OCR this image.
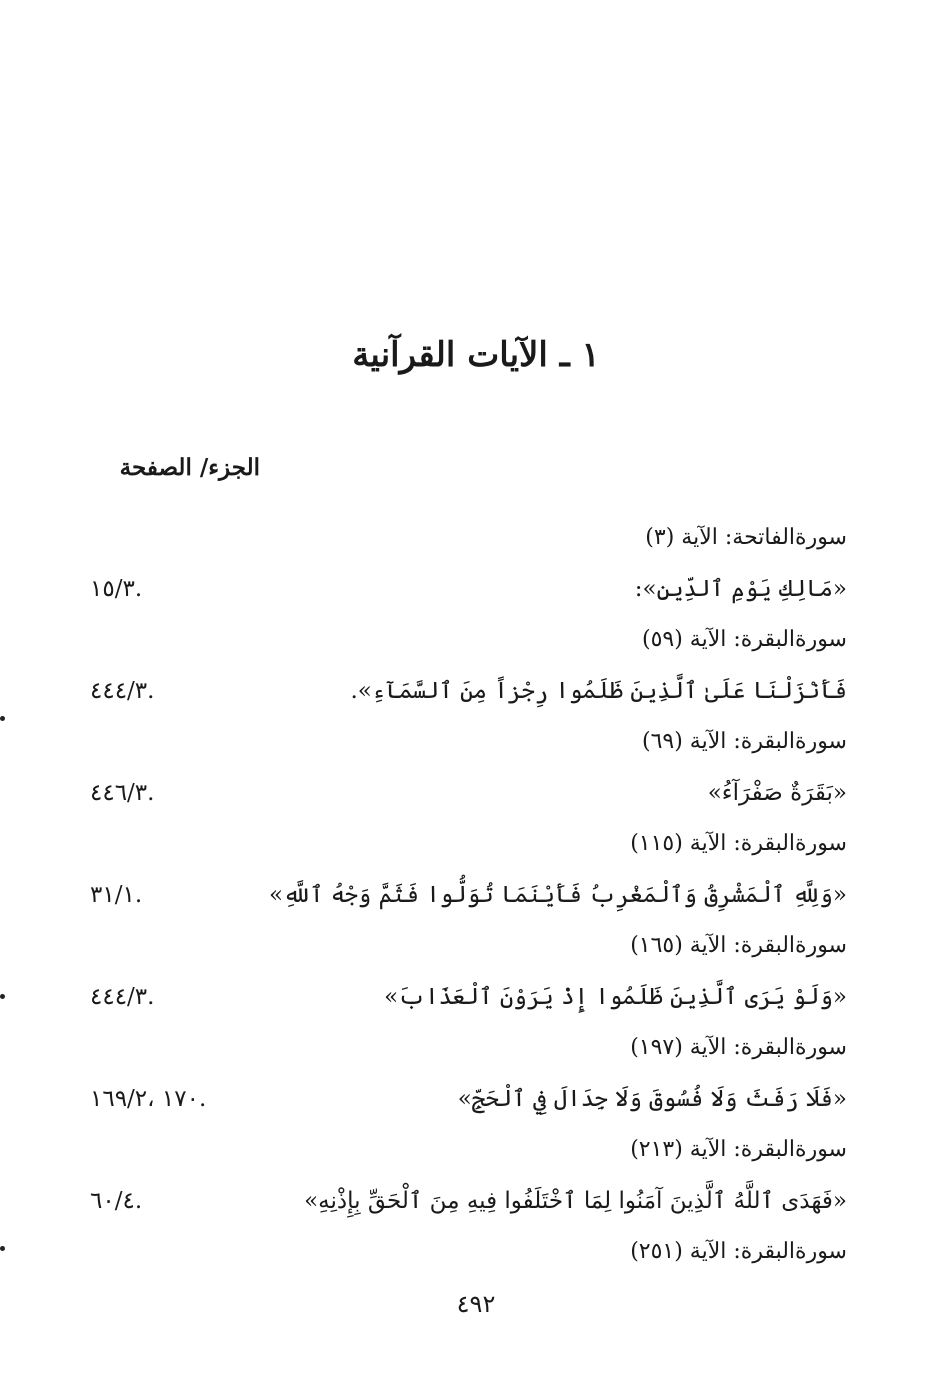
١ ـ الآيات القرآنية
الجزء/ الصفحة
سورةالفاتحة: الآية (٣)
«مَالِكِ يَوْمِ ٱلدِّينِ»:
.١٥/٣
سورةالبقرة: الآية (٥٩)
فَأَنْزَلْنَا عَلَىٰ ٱلَّذِينَ ظَلَمُوا رِجْزاً مِنَ ٱلسَّمَآءِ».
.٤٤٤/٣
سورةالبقرة: الآية (٦٩)
«بَقَرَةٌ صَفْرَآءُ»
.٤٤٦/٣
سورةالبقرة: الآية (١١٥)
«وَلِلَّهِ ٱلْمَشْرِقُ وَٱلْمَغْرِبُ فَأَيْنَمَا تُوَلُّوا فَثَمَّ وَجْهُ ٱللَّهِ»
.٣١/١
سورةالبقرة: الآية (١٦٥)
«وَلَوْ يَرَى ٱلَّذِينَ ظَلَمُوا إِذْ يَرَوْنَ ٱلْعَذَابَ»
.٤٤٤/٣
سورةالبقرة: الآية (١٩٧)
«فَلَا رَفَثَ وَلَا فُسُوقَ وَلَا جِدَالَ فِي ٱلْحَجِّ»
.١٧٠ ،١٦٩/٢
سورةالبقرة: الآية (٢١٣)
«فَهَدَى ٱللَّهُ ٱلَّذِينَ آمَنُوا لِمَا ٱخْتَلَفُوا فِيهِ مِنَ ٱلْحَقِّ بِإِذْنِهِ»
.٦٠/٤
سورةالبقرة: الآية (٢٥١)
٤٩٢
